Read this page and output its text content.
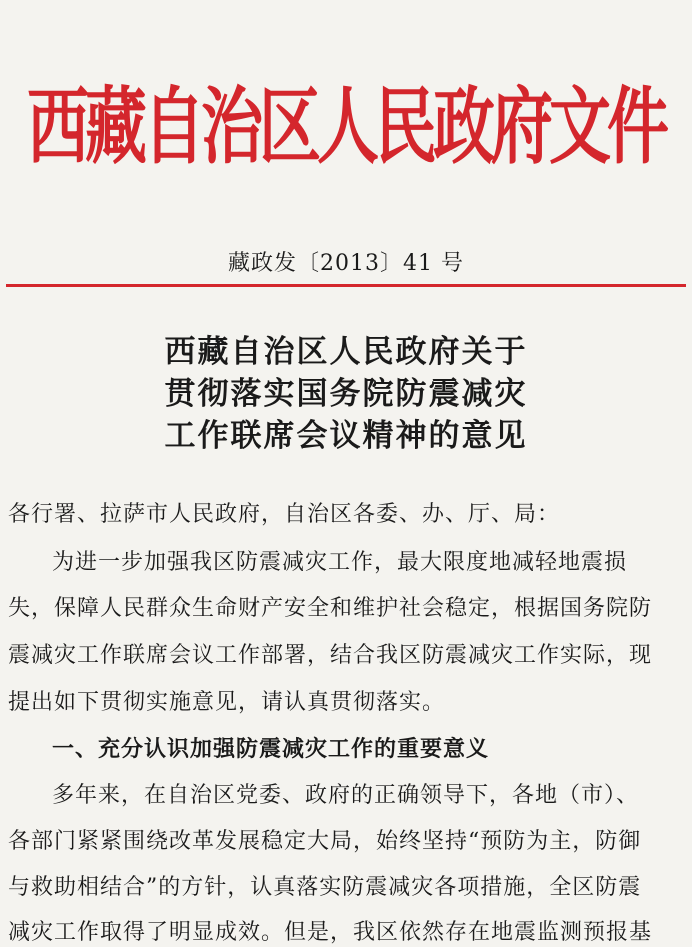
西藏自治区人民政府文件
藏政发〔2013〕41 号
西藏自治区人民政府关于
贯彻落实国务院防震减灾
工作联席会议精神的意见
各行署、拉萨市人民政府，自治区各委、办、厅、局：
为进一步加强我区防震减灾工作，最大限度地减轻地震损
失，保障人民群众生命财产安全和维护社会稳定，根据国务院防
震减灾工作联席会议工作部署，结合我区防震减灾工作实际，现
提出如下贯彻实施意见，请认真贯彻落实。
一、充分认识加强防震减灾工作的重要意义
多年来，在自治区党委、政府的正确领导下，各地（市）、
各部门紧紧围绕改革发展稳定大局，始终坚持“预防为主，防御
与救助相结合”的方针，认真落实防震减灾各项措施，全区防震
减灾工作取得了明显成效。但是，我区依然存在地震监测预报基
